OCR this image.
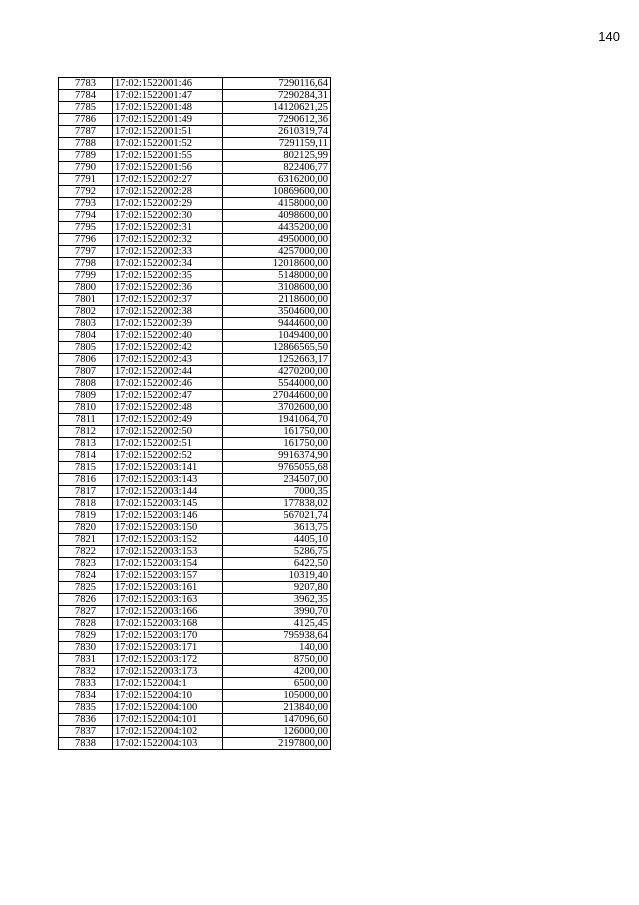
140
7783	17:02:1522001:46	7290116,64
7784	17:02:1522001:47	7290284,31
7785	17:02:1522001:48	14120621,25
7786	17:02:1522001:49	7290612,36
7787	17:02:1522001:51	2610319,74
7788	17:02:1522001:52	7291159,11
7789	17:02:1522001:55	802125,99
7790	17:02:1522001:56	822406,77
7791	17:02:1522002:27	6316200,00
7792	17:02:1522002:28	10869600,00
7793	17:02:1522002:29	4158000,00
7794	17:02:1522002:30	4098600,00
7795	17:02:1522002:31	4435200,00
7796	17:02:1522002:32	4950000,00
7797	17:02:1522002:33	4257000,00
7798	17:02:1522002:34	12018600,00
7799	17:02:1522002:35	5148000,00
7800	17:02:1522002:36	3108600,00
7801	17:02:1522002:37	2118600,00
7802	17:02:1522002:38	3504600,00
7803	17:02:1522002:39	9444600,00
7804	17:02:1522002:40	1049400,00
7805	17:02:1522002:42	12866565,50
7806	17:02:1522002:43	1252663,17
7807	17:02:1522002:44	4270200,00
7808	17:02:1522002:46	5544000,00
7809	17:02:1522002:47	27044600,00
7810	17:02:1522002:48	3702600,00
7811	17:02:1522002:49	1941064,70
7812	17:02:1522002:50	161750,00
7813	17:02:1522002:51	161750,00
7814	17:02:1522002:52	9916374,90
7815	17:02:1522003:141	9765055,68
7816	17:02:1522003:143	234507,00
7817	17:02:1522003:144	7000,35
7818	17:02:1522003:145	177838,02
7819	17:02:1522003:146	567021,74
7820	17:02:1522003:150	3613,75
7821	17:02:1522003:152	4405,10
7822	17:02:1522003:153	5286,75
7823	17:02:1522003:154	6422,50
7824	17:02:1522003:157	10319,40
7825	17:02:1522003:161	9207,80
7826	17:02:1522003:163	3962,35
7827	17:02:1522003:166	3990,70
7828	17:02:1522003:168	4125,45
7829	17:02:1522003:170	795938,64
7830	17:02:1522003:171	140,00
7831	17:02:1522003:172	8750,00
7832	17:02:1522003:173	4200,00
7833	17:02:1522004:1	6500,00
7834	17:02:1522004:10	105000,00
7835	17:02:1522004:100	213840,00
7836	17:02:1522004:101	147096,60
7837	17:02:1522004:102	126000,00
7838	17:02:1522004:103	2197800,00
